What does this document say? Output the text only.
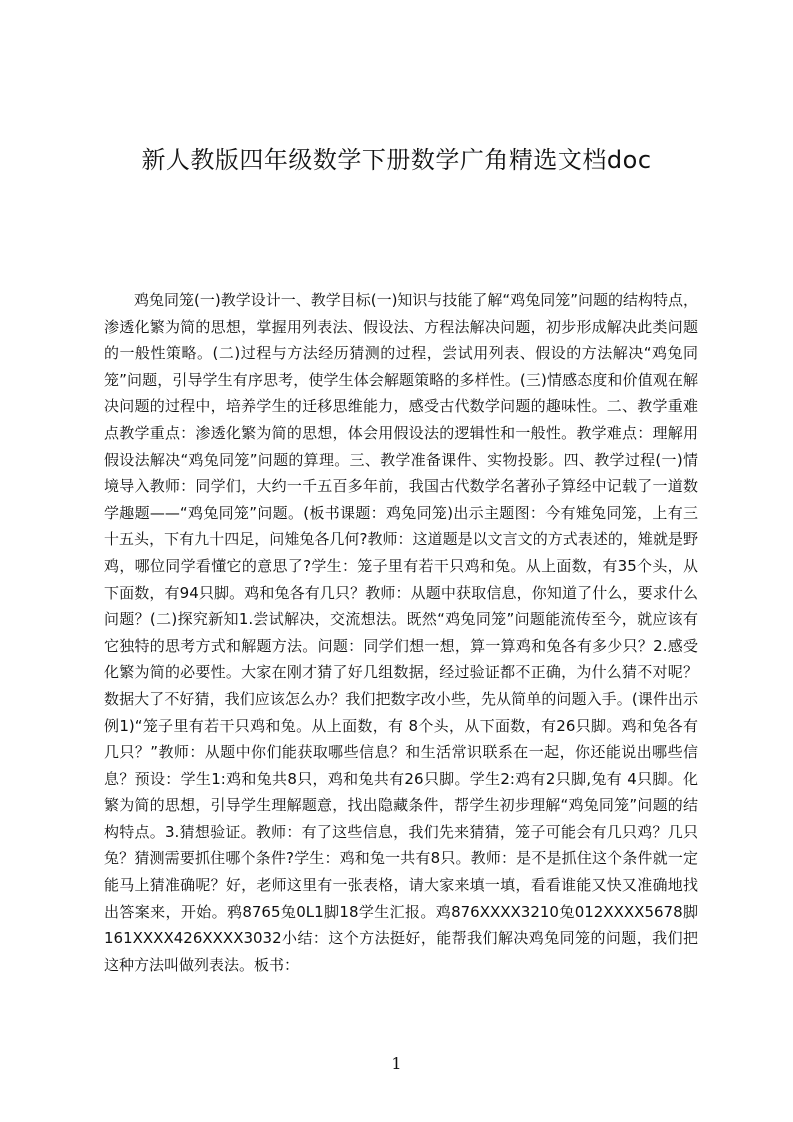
新人教版四年级数学下册数学广角精选文档doc
鸡兔同笼(一)教学设计一、教学目标(一)知识与技能了解“鸡兔同笼”问题的结构特点，渗透化繁为简的思想，掌握用列表法、假设法、方程法解决问题，初步形成解决此类问题的一般性策略。(二)过程与方法经历猜测的过程，尝试用列表、假设的方法解决“鸡兔同笼”问题，引导学生有序思考，使学生体会解题策略的多样性。(三)情感态度和价值观在解决问题的过程中，培养学生的迁移思维能力，感受古代数学问题的趣味性。二、教学重难点教学重点：渗透化繁为简的思想，体会用假设法的逻辑性和一般性。教学难点：理解用假设法解决“鸡兔同笼”问题的算理。三、教学准备课件、实物投影。四、教学过程(一)情境导入教师：同学们，大约一千五百多年前，我国古代数学名著孙子算经中记载了一道数学趣题——“鸡兔同笼”问题。(板书课题：鸡兔同笼)出示主题图：今有雉兔同笼，上有三十五头，下有九十四足，问雉兔各几何?教师：这道题是以文言文的方式表述的，雉就是野鸡，哪位同学看懂它的意思了?学生：笼子里有若干只鸡和兔。从上面数，有35个头，从下面数，有94只脚。鸡和兔各有几只？教师：从题中获取信息，你知道了什么，要求什么问题？(二)探究新知1.尝试解决，交流想法。既然“鸡兔同笼”问题能流传至今，就应该有它独特的思考方式和解题方法。问题：同学们想一想，算一算鸡和兔各有多少只？2.感受化繁为简的必要性。大家在刚才猜了好几组数据，经过验证都不正确，为什么猜不对呢？数据大了不好猜，我们应该怎么办？我们把数字改小些，先从简单的问题入手。(课件出示例1)“笼子里有若干只鸡和兔。从上面数，有 8个头，从下面数，有26只脚。鸡和兔各有几只？”教师：从题中你们能获取哪些信息？和生活常识联系在一起，你还能说出哪些信息？预设：学生1:鸡和兔共8只，鸡和兔共有26只脚。学生2:鸡有2只脚,兔有 4只脚。化繁为简的思想，引导学生理解题意，找出隐藏条件，帮学生初步理解“鸡兔同笼”问题的结构特点。3.猜想验证。教师：有了这些信息，我们先来猜猜，笼子可能会有几只鸡？几只兔？猜测需要抓住哪个条件?学生：鸡和兔一共有8只。教师：是不是抓住这个条件就一定能马上猜准确呢？好，老师这里有一张表格，请大家来填一填，看看谁能又快又准确地找出答案来，开始。鸦8765兔0L1脚18学生汇报。鸡876XXXX3210兔012XXXX5678脚161XXXX426XXXX3032小结：这个方法挺好，能帮我们解决鸡兔同笼的问题，我们把这种方法叫做列表法。板书：
1
